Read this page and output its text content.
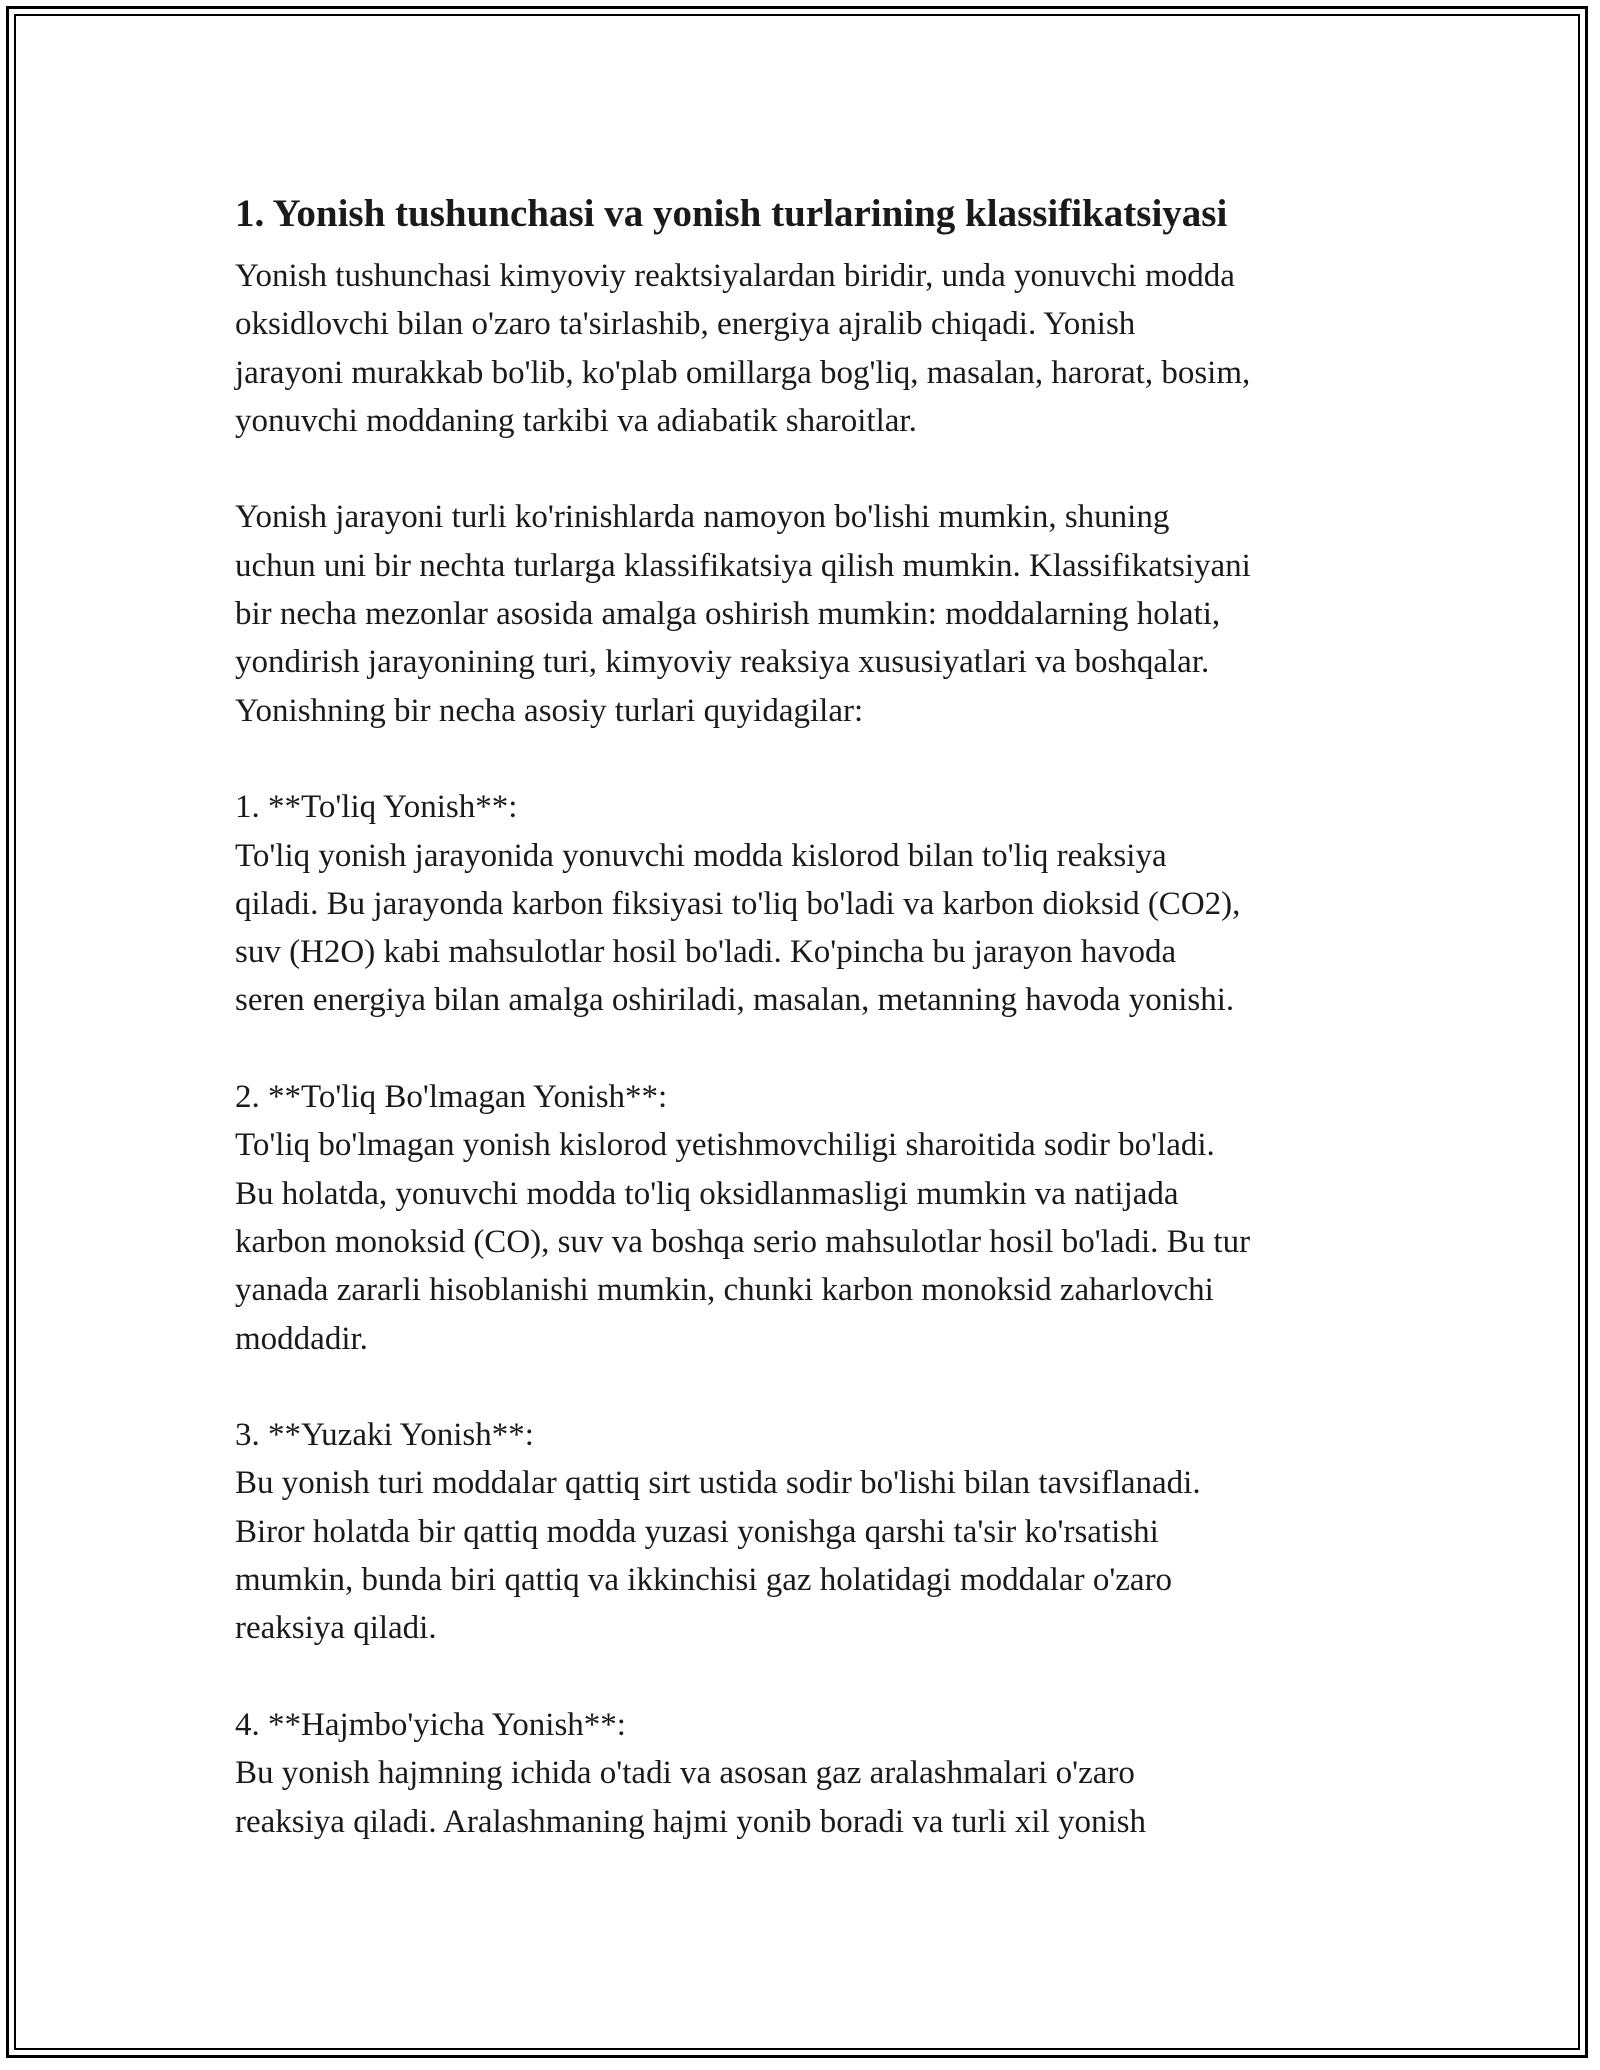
1. Yonish tushunchasi va yonish turlarining klassifikatsiyasi

Yonish tushunchasi kimyoviy reaktsiyalardan biridir, unda yonuvchi modda
oksidlovchi bilan o'zaro ta'sirlashib, energiya ajralib chiqadi. Yonish
jarayoni murakkab bo'lib, ko'plab omillarga bog'liq, masalan, harorat, bosim,
yonuvchi moddaning tarkibi va adiabatik sharoitlar.

Yonish jarayoni turli ko'rinishlarda namoyon bo'lishi mumkin, shuning
uchun uni bir nechta turlarga klassifikatsiya qilish mumkin. Klassifikatsiyani
bir necha mezonlar asosida amalga oshirish mumkin: moddalarning holati,
yondirish jarayonining turi, kimyoviy reaksiya xususiyatlari va boshqalar.
Yonishning bir necha asosiy turlari quyidagilar:

1. **To'liq Yonish**:
To'liq yonish jarayonida yonuvchi modda kislorod bilan to'liq reaksiya
qiladi. Bu jarayonda karbon fiksiyasi to'liq bo'ladi va karbon dioksid (CO2),
suv (H2O) kabi mahsulotlar hosil bo'ladi. Ko'pincha bu jarayon havoda
seren energiya bilan amalga oshiriladi, masalan, metanning havoda yonishi.

2. **To'liq Bo'lmagan Yonish**:
To'liq bo'lmagan yonish kislorod yetishmovchiligi sharoitida sodir bo'ladi.
Bu holatda, yonuvchi modda to'liq oksidlanmasligi mumkin va natijada
karbon monoksid (CO), suv va boshqa serio mahsulotlar hosil bo'ladi. Bu tur
yanada zararli hisoblanishi mumkin, chunki karbon monoksid zaharlovchi
moddadir.

3. **Yuzaki Yonish**:
Bu yonish turi moddalar qattiq sirt ustida sodir bo'lishi bilan tavsiflanadi.
Biror holatda bir qattiq modda yuzasi yonishga qarshi ta'sir ko'rsatishi
mumkin, bunda biri qattiq va ikkinchisi gaz holatidagi moddalar o'zaro
reaksiya qiladi.

4. **Hajmbo'yicha Yonish**:
Bu yonish hajmning ichida o'tadi va asosan gaz aralashmalari o'zaro
reaksiya qiladi. Aralashmaning hajmi yonib boradi va turli xil yonish
